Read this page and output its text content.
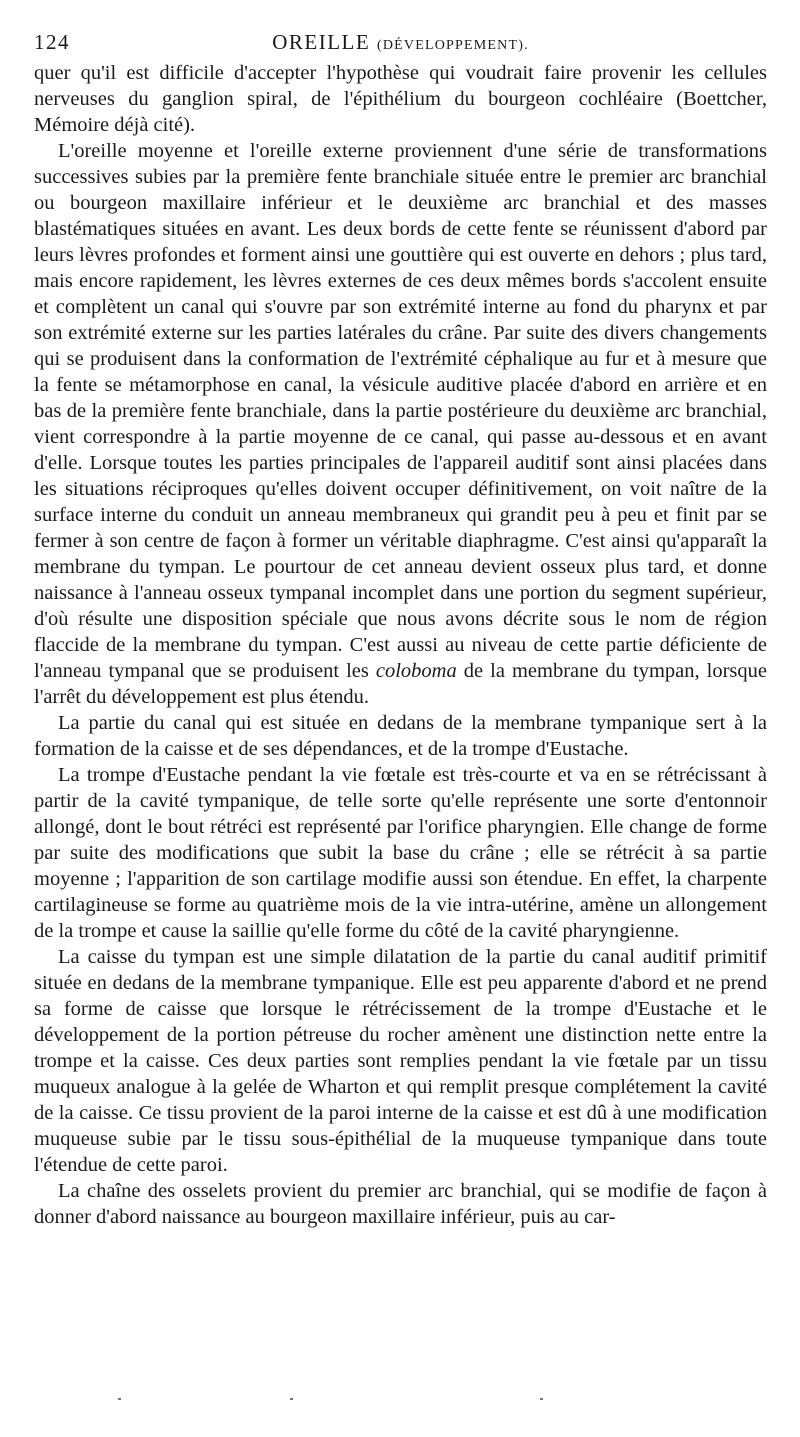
124	OREILLE (DÉVELOPPEMENT).

quer qu'il est difficile d'accepter l'hypothèse qui voudrait faire provenir les cellules nerveuses du ganglion spiral, de l'épithélium du bourgeon cochléaire (Boettcher, Mémoire déjà cité).

L'oreille moyenne et l'oreille externe proviennent d'une série de transformations successives subies par la première fente branchiale située entre le premier arc branchial ou bourgeon maxillaire inférieur et le deuxième arc branchial et des masses blastématiques situées en avant. Les deux bords de cette fente se réunissent d'abord par leurs lèvres profondes et forment ainsi une gouttière qui est ouverte en dehors ; plus tard, mais encore rapidement, les lèvres externes de ces deux mêmes bords s'accolent ensuite et complètent un canal qui s'ouvre par son extrémité interne au fond du pharynx et par son extrémité externe sur les parties latérales du crâne. Par suite des divers changements qui se produisent dans la conformation de l'extrémité céphalique au fur et à mesure que la fente se métamorphose en canal, la vésicule auditive placée d'abord en arrière et en bas de la première fente branchiale, dans la partie postérieure du deuxième arc branchial, vient correspondre à la partie moyenne de ce canal, qui passe au-dessous et en avant d'elle. Lorsque toutes les parties principales de l'appareil auditif sont ainsi placées dans les situations réciproques qu'elles doivent occuper définitivement, on voit naître de la surface interne du conduit un anneau membraneux qui grandit peu à peu et finit par se fermer à son centre de façon à former un véritable diaphragme. C'est ainsi qu'apparaît la membrane du tympan. Le pourtour de cet anneau devient osseux plus tard, et donne naissance à l'anneau osseux tympanal incomplet dans une portion du segment supérieur, d'où résulte une disposition spéciale que nous avons décrite sous le nom de région flaccide de la membrane du tympan. C'est aussi au niveau de cette partie déficiente de l'anneau tympanal que se produisent les coloboma de la membrane du tympan, lorsque l'arrêt du développement est plus étendu.

La partie du canal qui est située en dedans de la membrane tympanique sert à la formation de la caisse et de ses dépendances, et de la trompe d'Eustache.

La trompe d'Eustache pendant la vie fœtale est très-courte et va en se rétrécissant à partir de la cavité tympanique, de telle sorte qu'elle représente une sorte d'entonnoir allongé, dont le bout rétréci est représenté par l'orifice pharyngien. Elle change de forme par suite des modifications que subit la base du crâne ; elle se rétrécit à sa partie moyenne ; l'apparition de son cartilage modifie aussi son étendue. En effet, la charpente cartilagineuse se forme au quatrième mois de la vie intra-utérine, amène un allongement de la trompe et cause la saillie qu'elle forme du côté de la cavité pharyngienne.

La caisse du tympan est une simple dilatation de la partie du canal auditif primitif située en dedans de la membrane tympanique. Elle est peu apparente d'abord et ne prend sa forme de caisse que lorsque le rétrécissement de la trompe d'Eustache et le développement de la portion pétreuse du rocher amènent une distinction nette entre la trompe et la caisse. Ces deux parties sont remplies pendant la vie fœtale par un tissu muqueux analogue à la gelée de Wharton et qui remplit presque complétement la cavité de la caisse. Ce tissu provient de la paroi interne de la caisse et est dû à une modification muqueuse subie par le tissu sous-épithélial de la muqueuse tympanique dans toute l'étendue de cette paroi.

La chaîne des osselets provient du premier arc branchial, qui se modifie de façon à donner d'abord naissance au bourgeon maxillaire inférieur, puis au car-
